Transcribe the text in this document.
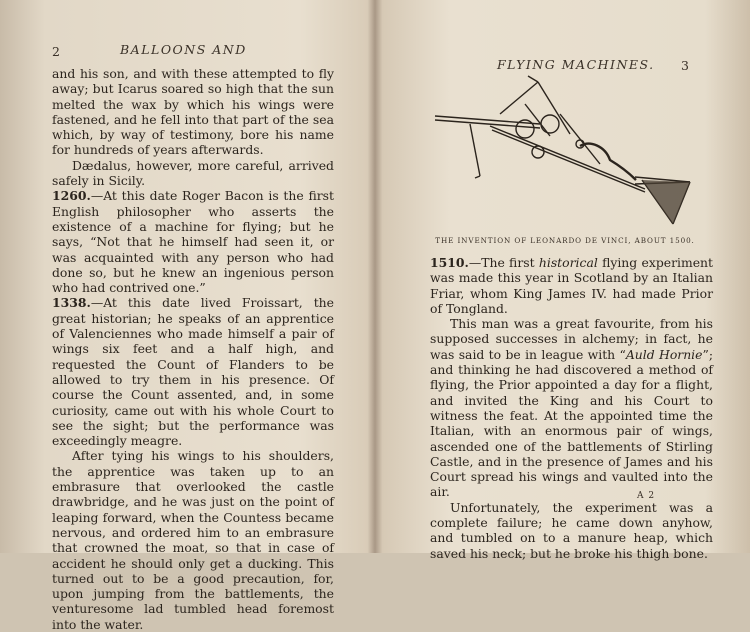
2	BALLOONS AND

and his son, and with these attempted to fly away; but Icarus soared so high that the sun melted the wax by which his wings were fastened, and he fell into that part of the sea which, by way of testimony, bore his name for hundreds of years afterwards.

Dædalus, however, more careful, arrived safely in Sicily.

1260.—At this date Roger Bacon is the first English philosopher who asserts the existence of a machine for flying; but he says, “Not that he himself had seen it, or was acquainted with any person who had done so, but he knew an ingenious person who had contrived one.”

1338.—At this date lived Froissart, the great historian; he speaks of an apprentice of Valenciennes who made himself a pair of wings six feet and a half high, and requested the Count of Flanders to be allowed to try them in his presence. Of course the Count assented, and, in some curiosity, came out with his whole Court to see the sight; but the performance was exceedingly meagre.

After tying his wings to his shoulders, the apprentice was taken up to an embrasure that overlooked the castle drawbridge, and he was just on the point of leaping forward, when the Countess became nervous, and ordered him to an embrasure that crowned the moat, so that in case of accident he should only get a ducking. This turned out to be a good precaution, for, upon jumping from the battlements, the venturesome lad tumbled head foremost into the water.

FLYING MACHINES. 3
THE INVENTION OF LEONARDO DE VINCI, ABOUT 1500.

1510.—The first historical flying experiment was made this year in Scotland by an Italian Friar, whom King James IV. had made Prior of Tongland.

This man was a great favourite, from his supposed successes in alchemy; in fact, he was said to be in league with “Auld Hornie”; and thinking he had discovered a method of flying, the Prior appointed a day for a flight, and invited the King and his Court to witness the feat. At the appointed time the Italian, with an enormous pair of wings, ascended one of the battlements of Stirling Castle, and in the presence of James and his Court spread his wings and vaulted into the air.

Unfortunately, the experiment was a complete failure; he came down anyhow, and tumbled on to a manure heap, which saved his neck; but he broke his thigh bone.

A 2
